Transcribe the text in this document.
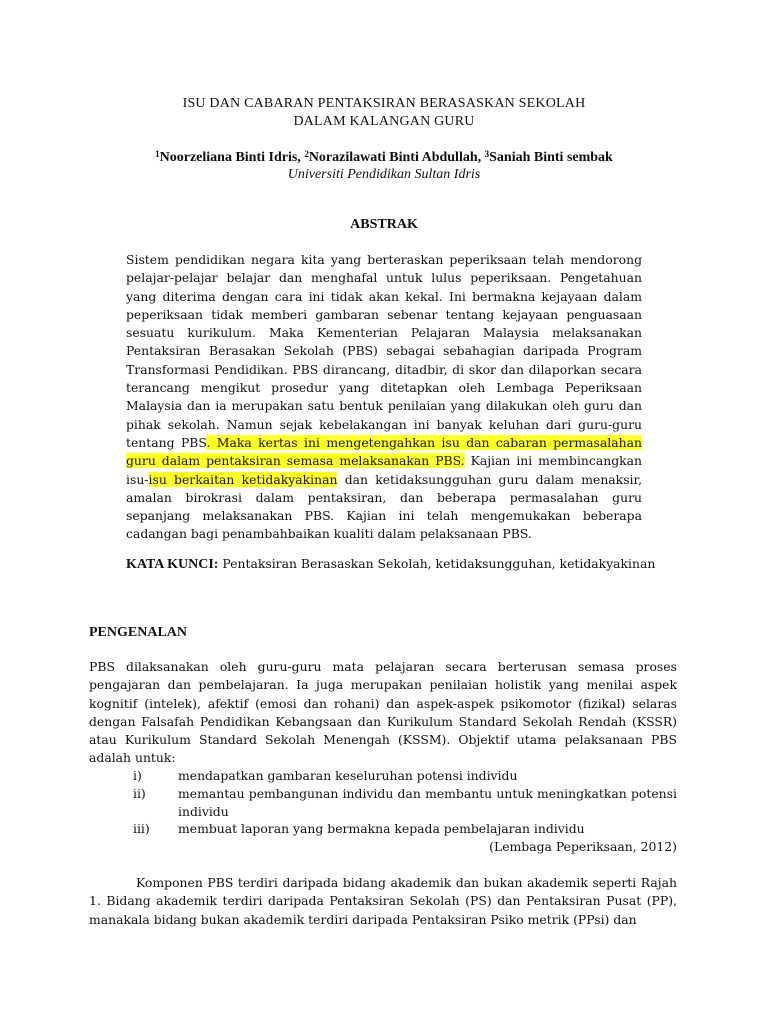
ISU DAN CABARAN PENTAKSIRAN BERASASKAN SEKOLAH
DALAM KALANGAN GURU
$^1$Noorzeliana Binti Idris, $^2$Norazilawati Binti Abdullah, $^3$Saniah Binti sembak
Universiti Pendidikan Sultan Idris
ABSTRAK
Sistem pendidikan negara kita yang berteraskan peperiksaan telah mendorong pelajar-pelajar belajar dan menghafal untuk lulus peperiksaan. Pengetahuan yang diterima dengan cara ini tidak akan kekal. Ini bermakna kejayaan dalam peperiksaan tidak memberi gambaran sebenar tentang kejayaan penguasaan sesuatu kurikulum. Maka Kementerian Pelajaran Malaysia melaksanakan Pentaksiran Berasakan Sekolah (PBS) sebagai sebahagian daripada Program Transformasi Pendidikan. PBS dirancang, ditadbir, di skor dan dilaporkan secara terancang mengikut prosedur yang ditetapkan oleh Lembaga Peperiksaan Malaysia dan ia merupakan satu bentuk penilaian yang dilakukan oleh guru dan pihak sekolah. Namun sejak kebelakangan ini banyak keluhan dari guru-guru tentang PBS. Maka kertas ini mengetengahkan isu dan cabaran permasalahan guru dalam pentaksiran semasa melaksanakan PBS. Kajian ini membincangkan isu-isu berkaitan ketidakyakinan dan ketidaksungguhan guru dalam menaksir, amalan birokrasi dalam pentaksiran, dan beberapa permasalahan guru sepanjang melaksanakan PBS. Kajian ini telah mengemukakan beberapa cadangan bagi penambahbaikan kualiti dalam pelaksanaan PBS.
KATA KUNCI: Pentaksiran Berasaskan Sekolah, ketidaksungguhan, ketidakyakinan
PENGENALAN
PBS dilaksanakan oleh guru-guru mata pelajaran secara berterusan semasa proses pengajaran dan pembelajaran. Ia juga merupakan penilaian holistik yang menilai aspek kognitif (intelek), afektif (emosi dan rohani) dan aspek-aspek psikomotor (fizikal) selaras dengan Falsafah Pendidikan Kebangsaan dan Kurikulum Standard Sekolah Rendah (KSSR) atau Kurikulum Standard Sekolah Menengah (KSSM). Objektif utama pelaksanaan PBS adalah untuk:
i)	mendapatkan gambaran keseluruhan potensi individu
ii)	memantau pembangunan individu dan membantu untuk meningkatkan potensi individu
iii) membuat laporan yang bermakna kepada pembelajaran individu
(Lembaga Peperiksaan, 2012)
Komponen PBS terdiri daripada bidang akademik dan bukan akademik seperti Rajah 1. Bidang akademik terdiri daripada Pentaksiran Sekolah (PS) dan Pentaksiran Pusat (PP), manakala bidang bukan akademik terdiri daripada Pentaksiran Psiko metrik (PPsi) dan
